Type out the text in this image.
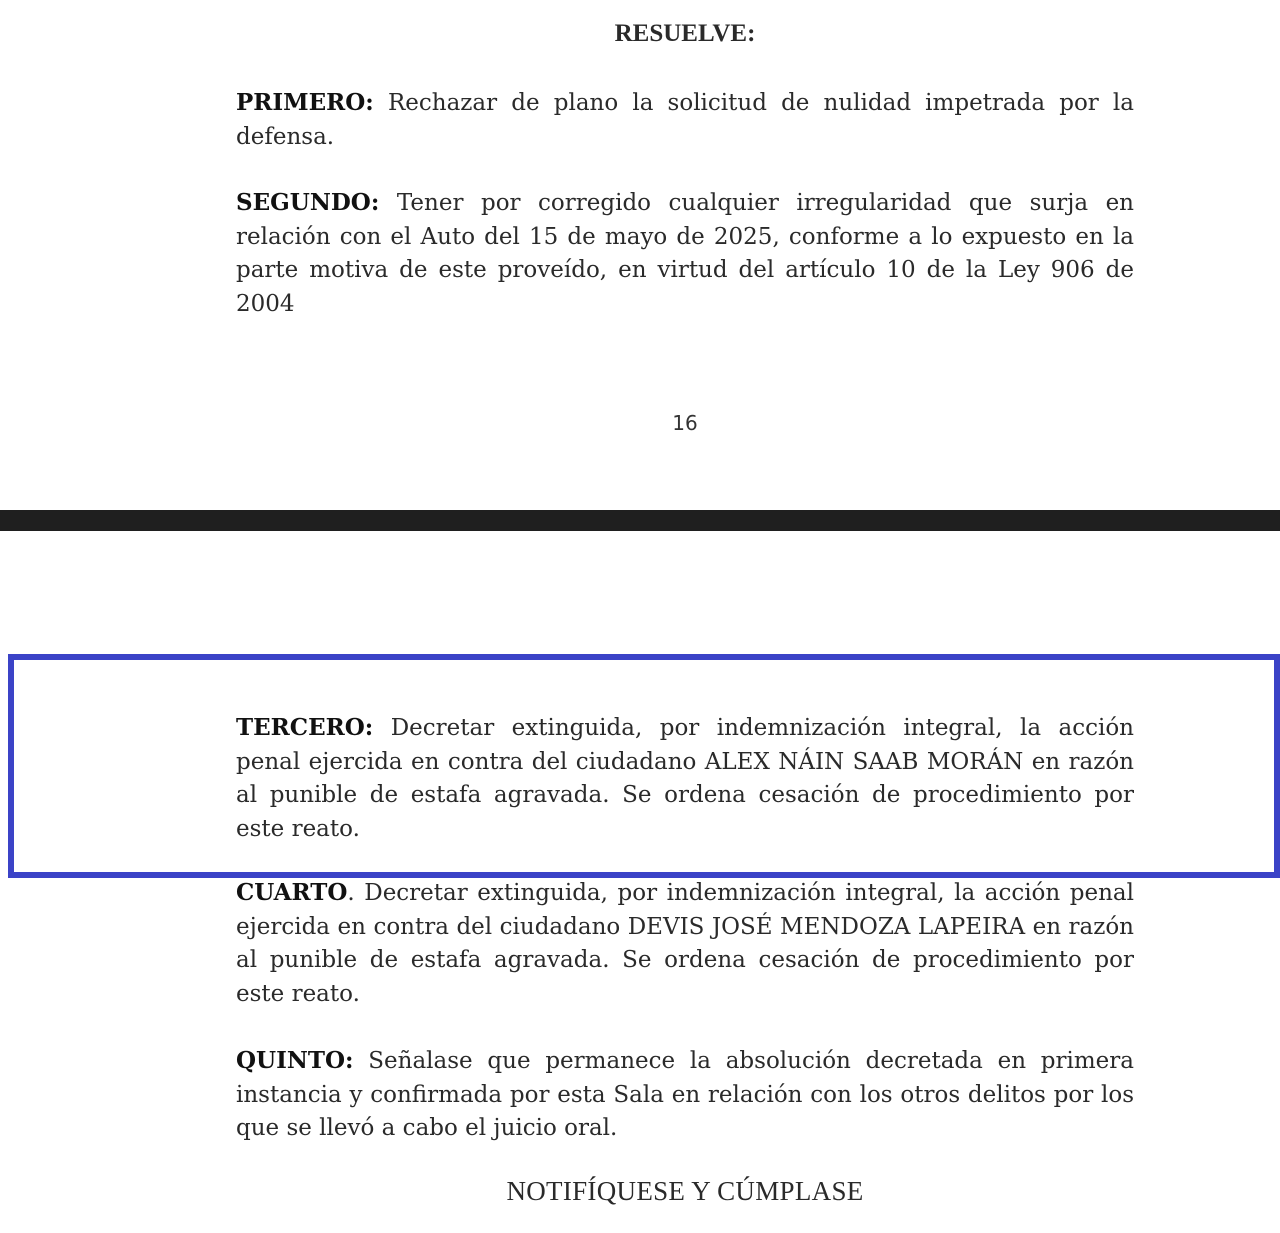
RESUELVE:

PRIMERO: Rechazar de plano la solicitud de nulidad impetrada por la defensa.

SEGUNDO: Tener por corregido cualquier irregularidad que surja en relación con el Auto del 15 de mayo de 2025, conforme a lo expuesto en la parte motiva de este proveído, en virtud del artículo 10 de la Ley 906 de 2004

16

TERCERO: Decretar extinguida, por indemnización integral, la acción penal ejercida en contra del ciudadano ALEX NÁIN SAAB MORÁN en razón al punible de estafa agravada. Se ordena cesación de procedimiento por este reato.

CUARTO. Decretar extinguida, por indemnización integral, la acción penal ejercida en contra del ciudadano DEVIS JOSÉ MENDOZA LAPEIRA en razón al punible de estafa agravada. Se ordena cesación de procedimiento por este reato.

QUINTO: Señalase que permanece la absolución decretada en primera instancia y confirmada por esta Sala en relación con los otros delitos por los que se llevó a cabo el juicio oral.

NOTIFÍQUESE Y CÚMPLASE
